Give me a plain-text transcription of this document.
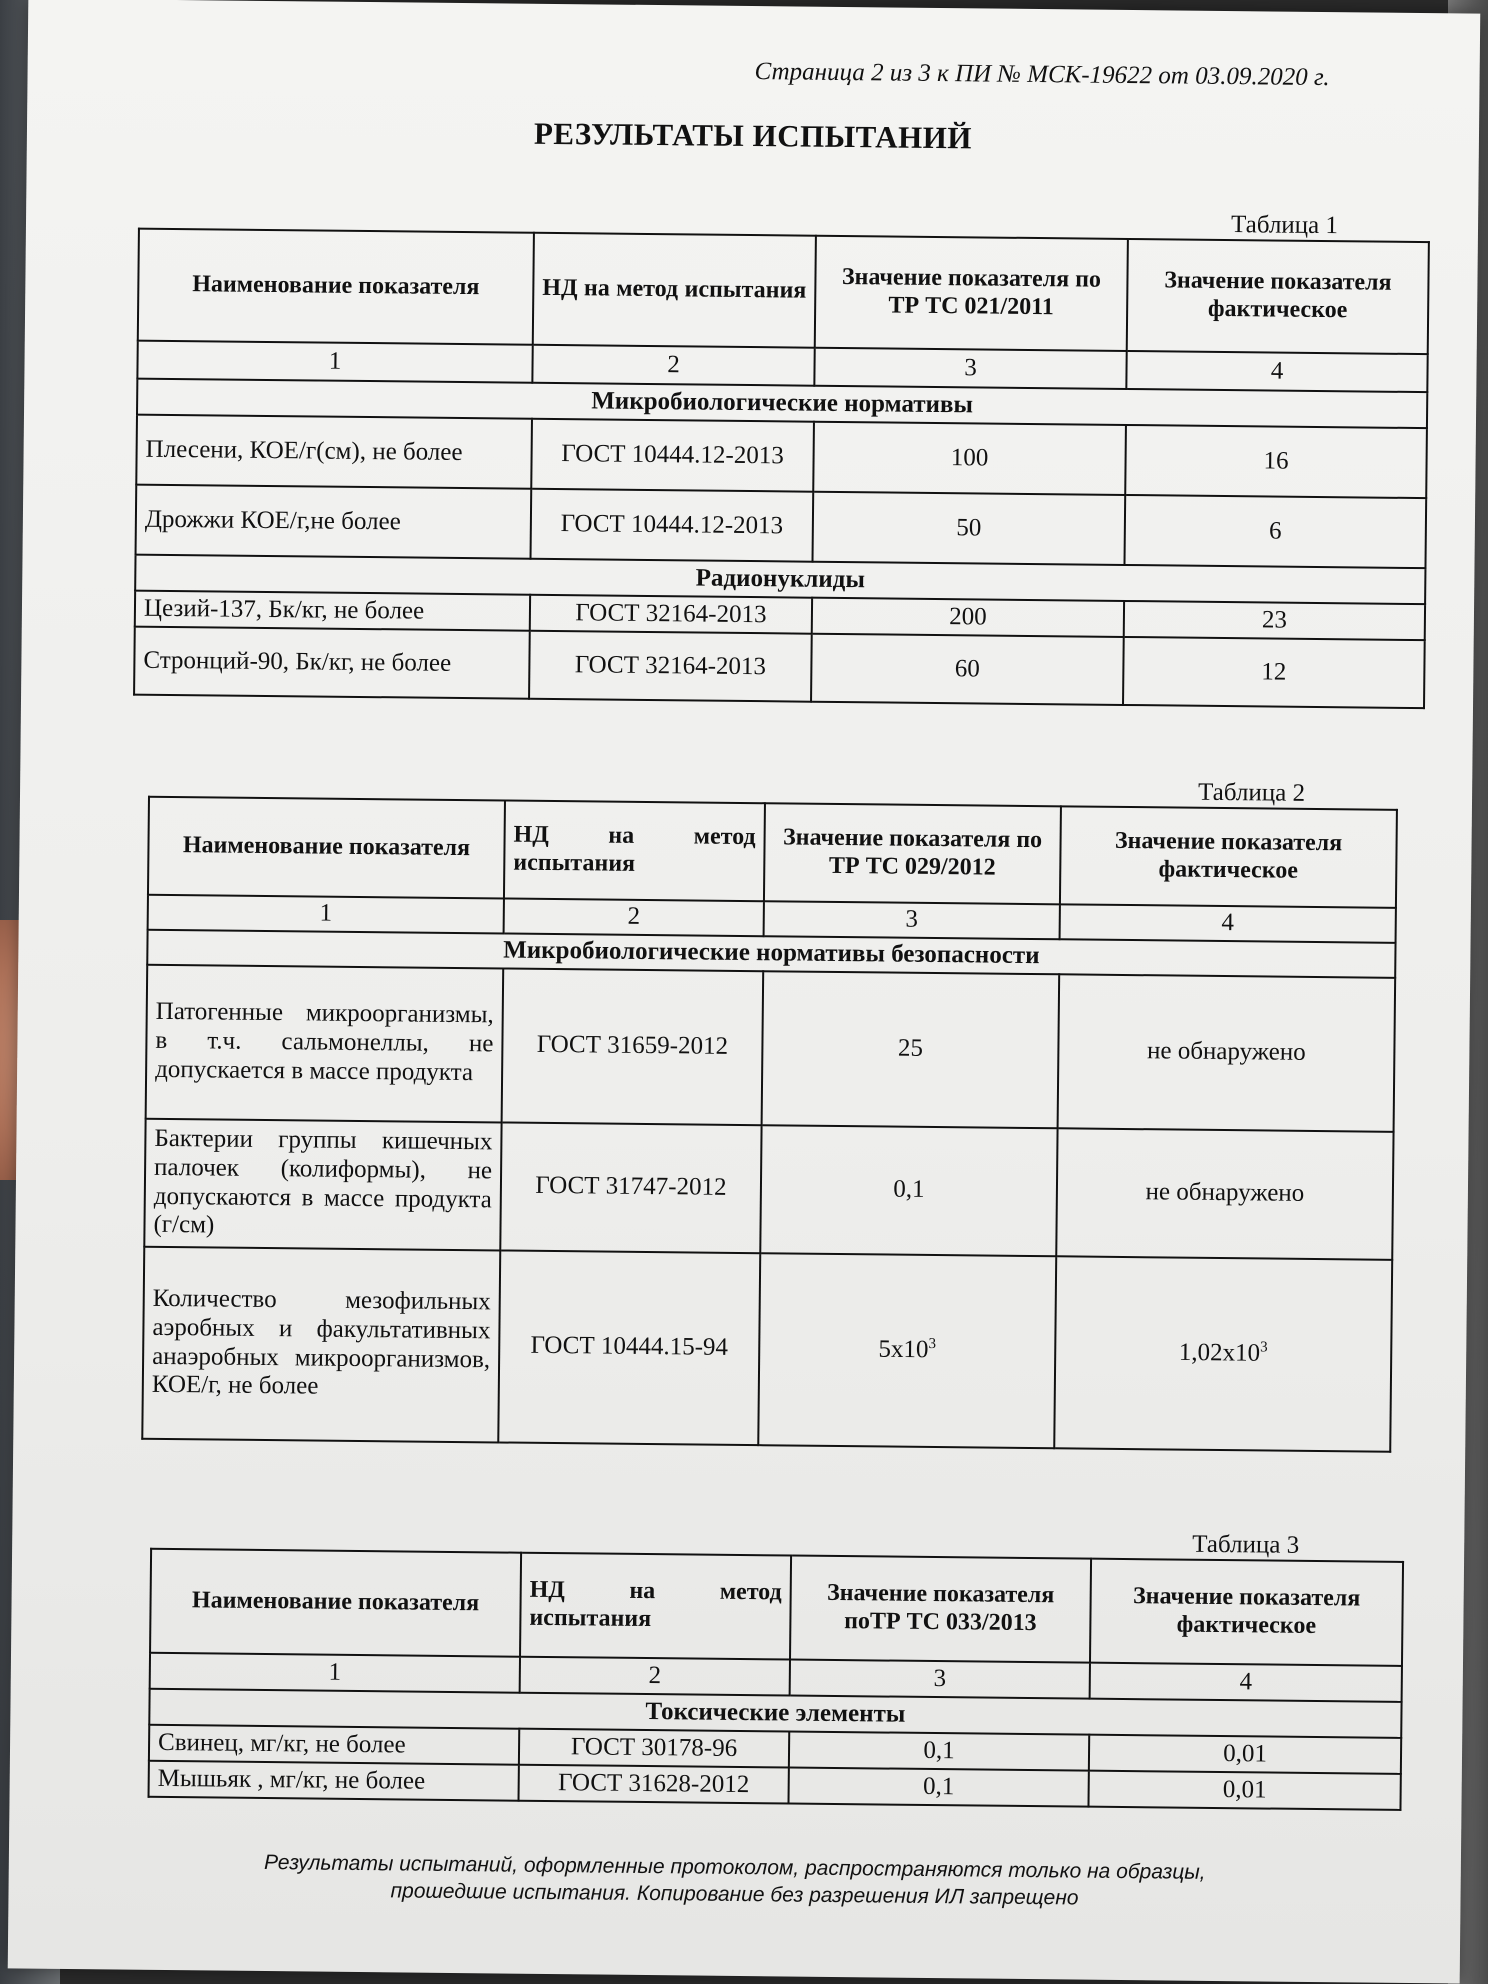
Страница 2 из 3 к ПИ № МСК-19622 от 03.09.2020 г.
РЕЗУЛЬТАТЫ ИСПЫТАНИЙ
Таблица 1
Наименование показателя	НД на метод испытания	Значение показателя по ТР ТС 021/2011	Значение показателя фактическое
1	2	3	4
Микробиологические нормативы			
Плесени, КОЕ/г(см), не более	ГОСТ 10444.12-2013	100	16
Дрожжи КОЕ/г,не более	ГОСТ 10444.12-2013	50	6
Радионуклиды			
Цезий-137, Бк/кг, не более	ГОСТ 32164-2013	200	23
Стронций-90, Бк/кг, не более	ГОСТ 32164-2013	60	12
Таблица 2
Наименование показателя	НД на метод испытания	Значение показателя по ТР ТС 029/2012	Значение показателя фактическое
1	2	3	4
Микробиологические нормативы безопасности			
Патогенные микроорганизмы, в т.ч. сальмонеллы, не допускается в массе продукта	ГОСТ 31659-2012	25	не обнаружено
Бактерии группы кишечных палочек (колиформы), не допускаются в массе продукта (г/см)	ГОСТ 31747-2012	0,1	не обнаружено
Количество мезофильных аэробных и факультативных анаэробных микроорганизмов, КОЕ/г, не более	ГОСТ 10444.15-94	$5x10^3$	$1,02x10^3$
Таблица 3
Наименование показателя	НД на метод испытания	Значение показателя поТР ТС 033/2013	Значение показателя фактическое
1	2	3	4
Токсические элементы			
Свинец, мг/кг, не более	ГОСТ 30178-96	0,1	0,01
Мышьяк , мг/кг, не более	ГОСТ 31628-2012	0,1	0,01
Результаты испытаний, оформленные протоколом, распространяются только на образцы,
прошедшие испытания. Копирование без разрешения ИЛ запрещено
